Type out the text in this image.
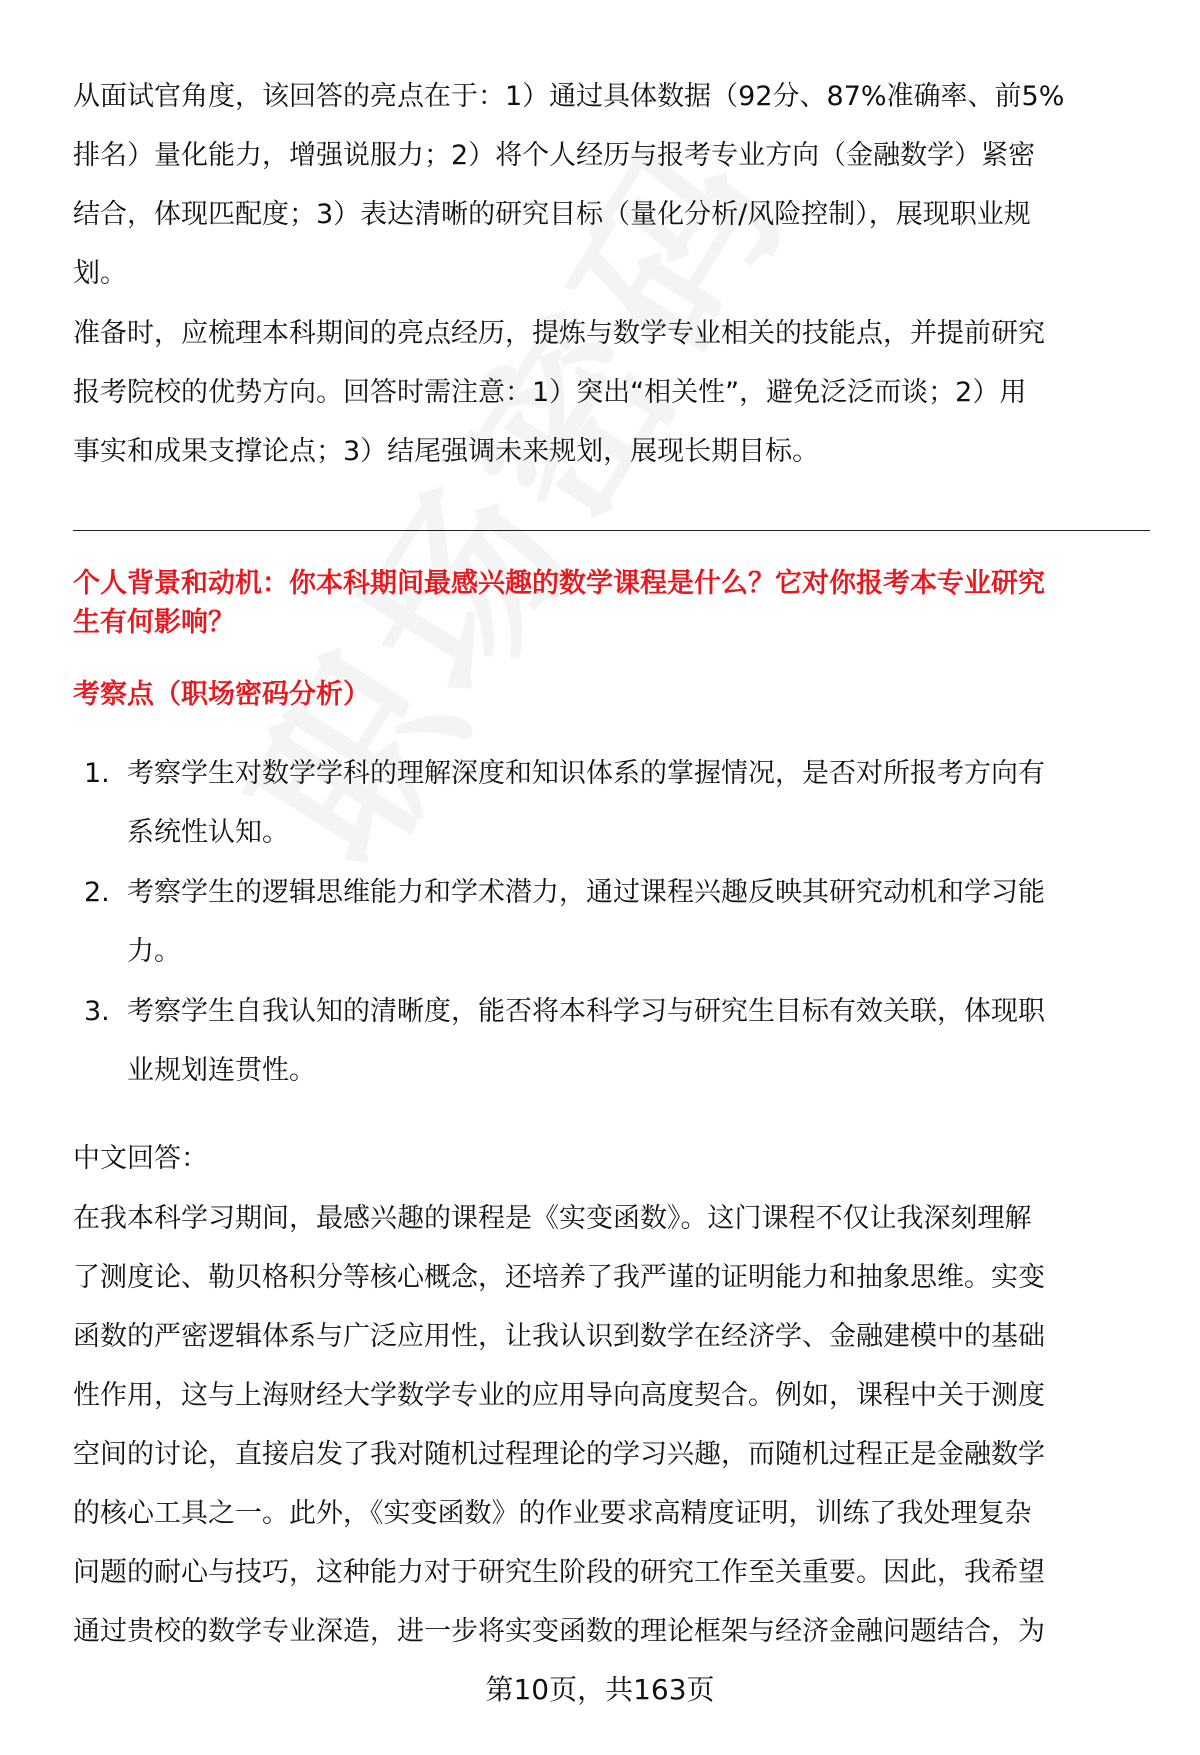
从面试官角度，该回答的亮点在于：1）通过具体数据（92分、87%准确率、前5%
排名）量化能力，增强说服力；2）将个人经历与报考专业方向（金融数学）紧密
结合，体现匹配度；3）表达清晰的研究目标（量化分析/风险控制），展现职业规
划。
准备时，应梳理本科期间的亮点经历，提炼与数学专业相关的技能点，并提前研究
报考院校的优势方向。回答时需注意：1）突出“相关性”，避免泛泛而谈；2）用
事实和成果支撑论点；3）结尾强调未来规划，展现长期目标。
个人背景和动机：你本科期间最感兴趣的数学课程是什么？它对你报考本专业研究
生有何影响？
考察点（职场密码分析）
1. 考察学生对数学学科的理解深度和知识体系的掌握情况，是否对所报考方向有
系统性认知。
2. 考察学生的逻辑思维能力和学术潜力，通过课程兴趣反映其研究动机和学习能
力。
3. 考察学生自我认知的清晰度，能否将本科学习与研究生目标有效关联，体现职
业规划连贯性。
中文回答：
在我本科学习期间，最感兴趣的课程是《实变函数》。这门课程不仅让我深刻理解
了测度论、勒贝格积分等核心概念，还培养了我严谨的证明能力和抽象思维。实变
函数的严密逻辑体系与广泛应用性，让我认识到数学在经济学、金融建模中的基础
性作用，这与上海财经大学数学专业的应用导向高度契合。例如，课程中关于测度
空间的讨论，直接启发了我对随机过程理论的学习兴趣，而随机过程正是金融数学
的核心工具之一。此外，《实变函数》的作业要求高精度证明，训练了我处理复杂
问题的耐心与技巧，这种能力对于研究生阶段的研究工作至关重要。因此，我希望
通过贵校的数学专业深造，进一步将实变函数的理论框架与经济金融问题结合，为
第10页，共163页
